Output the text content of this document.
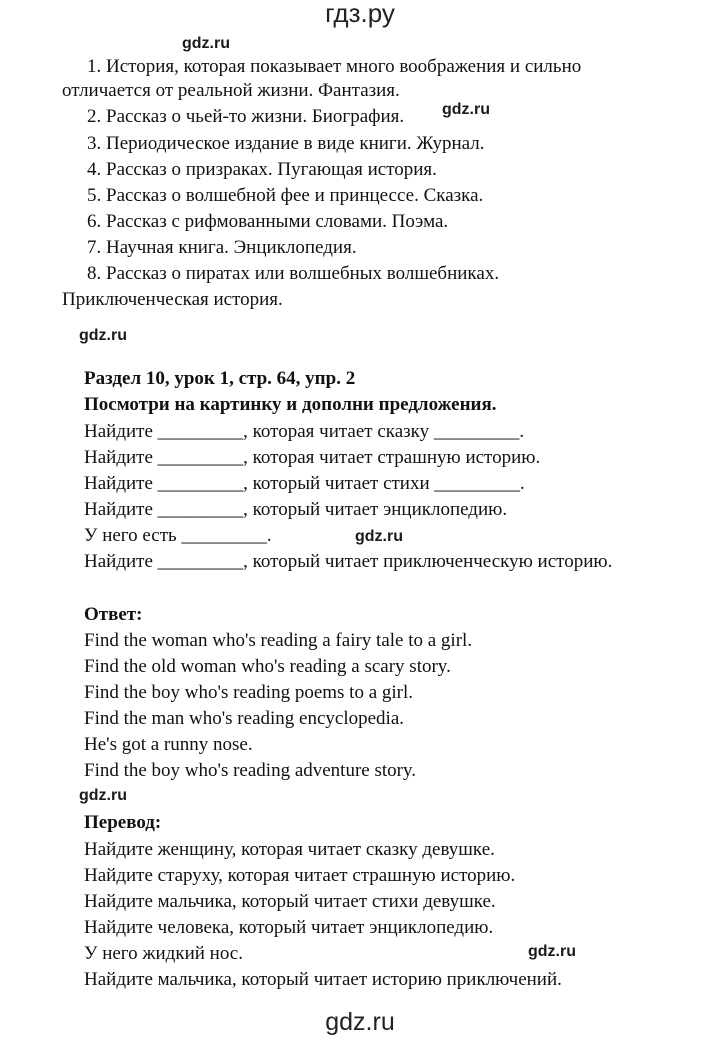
гдз.ру
gdz.ru
gdz.ru
gdz.ru
gdz.ru
gdz.ru
gdz.ru
1. История, которая показывает много воображения и сильно
отличается от реальной жизни. Фантазия.
2. Рассказ о чьей-то жизни. Биография.
3. Периодическое издание в виде книги. Журнал.
4. Рассказ о призраках. Пугающая история.
5. Рассказ о волшебной фее и принцессе. Сказка.
6. Рассказ с рифмованными словами. Поэма.
7. Научная книга. Энциклопедия.
8. Рассказ о пиратах или волшебных волшебниках.
Приключенческая история.
Раздел 10, урок 1, стр. 64, упр. 2
Посмотри на картинку и дополни предложения.
Найдите _________, которая читает сказку _________.
Найдите _________, которая читает страшную историю.
Найдите _________, который читает стихи _________.
Найдите _________, который читает энциклопедию.
У него есть _________.
Найдите _________, который читает приключенческую историю.
Ответ:
Find the woman who's reading a fairy tale to a girl.
Find the old woman who's reading a scary story.
Find the boy who's reading poems to a girl.
Find the man who's reading encyclopedia.
He's got a runny nose.
Find the boy who's reading adventure story.
Перевод:
Найдите женщину, которая читает сказку девушке.
Найдите старуху, которая читает страшную историю.
Найдите мальчика, который читает стихи девушке.
Найдите человека, который читает энциклопедию.
У него жидкий нос.
Найдите мальчика, который читает историю приключений.
gdz.ru
